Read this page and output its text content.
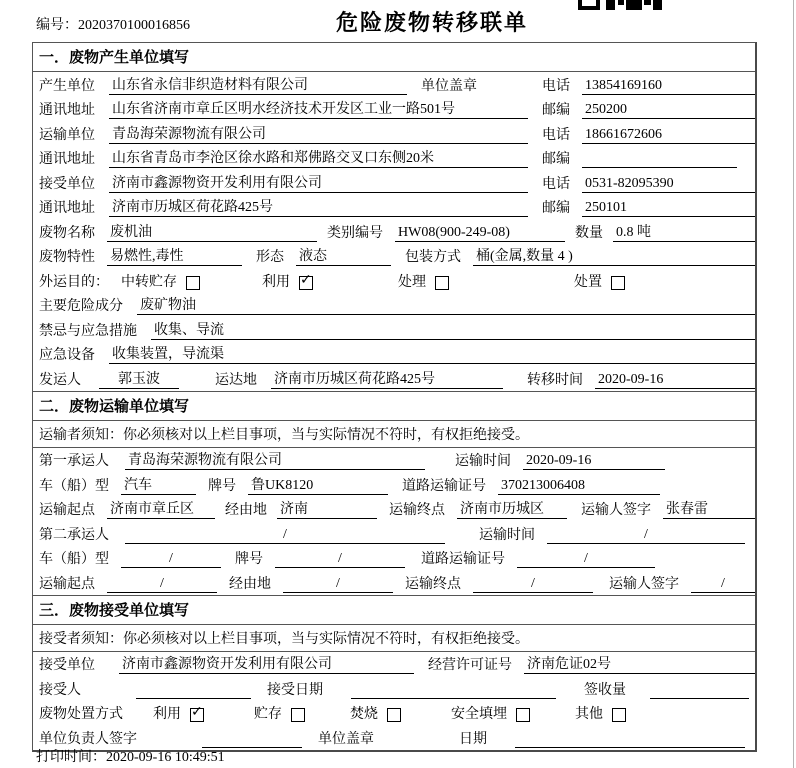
编号：2020370100016856	危险废物转移联单
一．废物产生单位填写
产生单位 山东省永信非织造材料有限公司	单位盖章	电话 13854169160
通讯地址 山东省济南市章丘区明水经济技术开发区工业一路501号	邮编 250200
运输单位 青岛海荣源物流有限公司	电话 18661672606
通讯地址 山东省青岛市李沧区徐水路和郑佛路交叉口东侧20米	邮编
接受单位 济南市鑫源物资开发利用有限公司	电话 0531-82095390
通讯地址 济南市历城区荷花路425号	邮编 250101
废物名称 废机油	类别编号 HW08(900-249-08)	数量 0.8 吨
废物特性 易燃性,毒性	形态 液态	包装方式 桶(金属,数量 4 )
外运目的： 中转贮存	利用 ✓	处理	处置
主要危险成分 废矿物油
禁忌与应急措施 收集、导流
应急设备 收集装置，导流渠
发运人	郭玉波	运达地 济南市历城区荷花路425号	转移时间 2020-09-16
二．废物运输单位填写
运输者须知：你必须核对以上栏目事项，当与实际情况不符时，有权拒绝接受。
第一承运人 青岛海荣源物流有限公司	运输时间 2020-09-16
车（船）型 汽车	牌号 鲁UK8120	道路运输证号 370213006408
运输起点 济南市章丘区	经由地 济南	运输终点 济南市历城区	运输人签字 张春雷
第二承运人	/	运输时间	/
车（船）型	/	牌号	/	道路运输证号	/
运输起点	/	经由地	/	运输终点	/	运输人签字	/
三．废物接受单位填写
接受者须知：你必须核对以上栏目事项，当与实际情况不符时，有权拒绝接受。
接受单位 济南市鑫源物资开发利用有限公司	经营许可证号 济南危证02号
接受人	接受日期	签收量
废物处置方式 利用 ✓	贮存	焚烧	安全填埋	其他
单位负责人签字	单位盖章	日期
打印时间：2020-09-16 10:49:51
